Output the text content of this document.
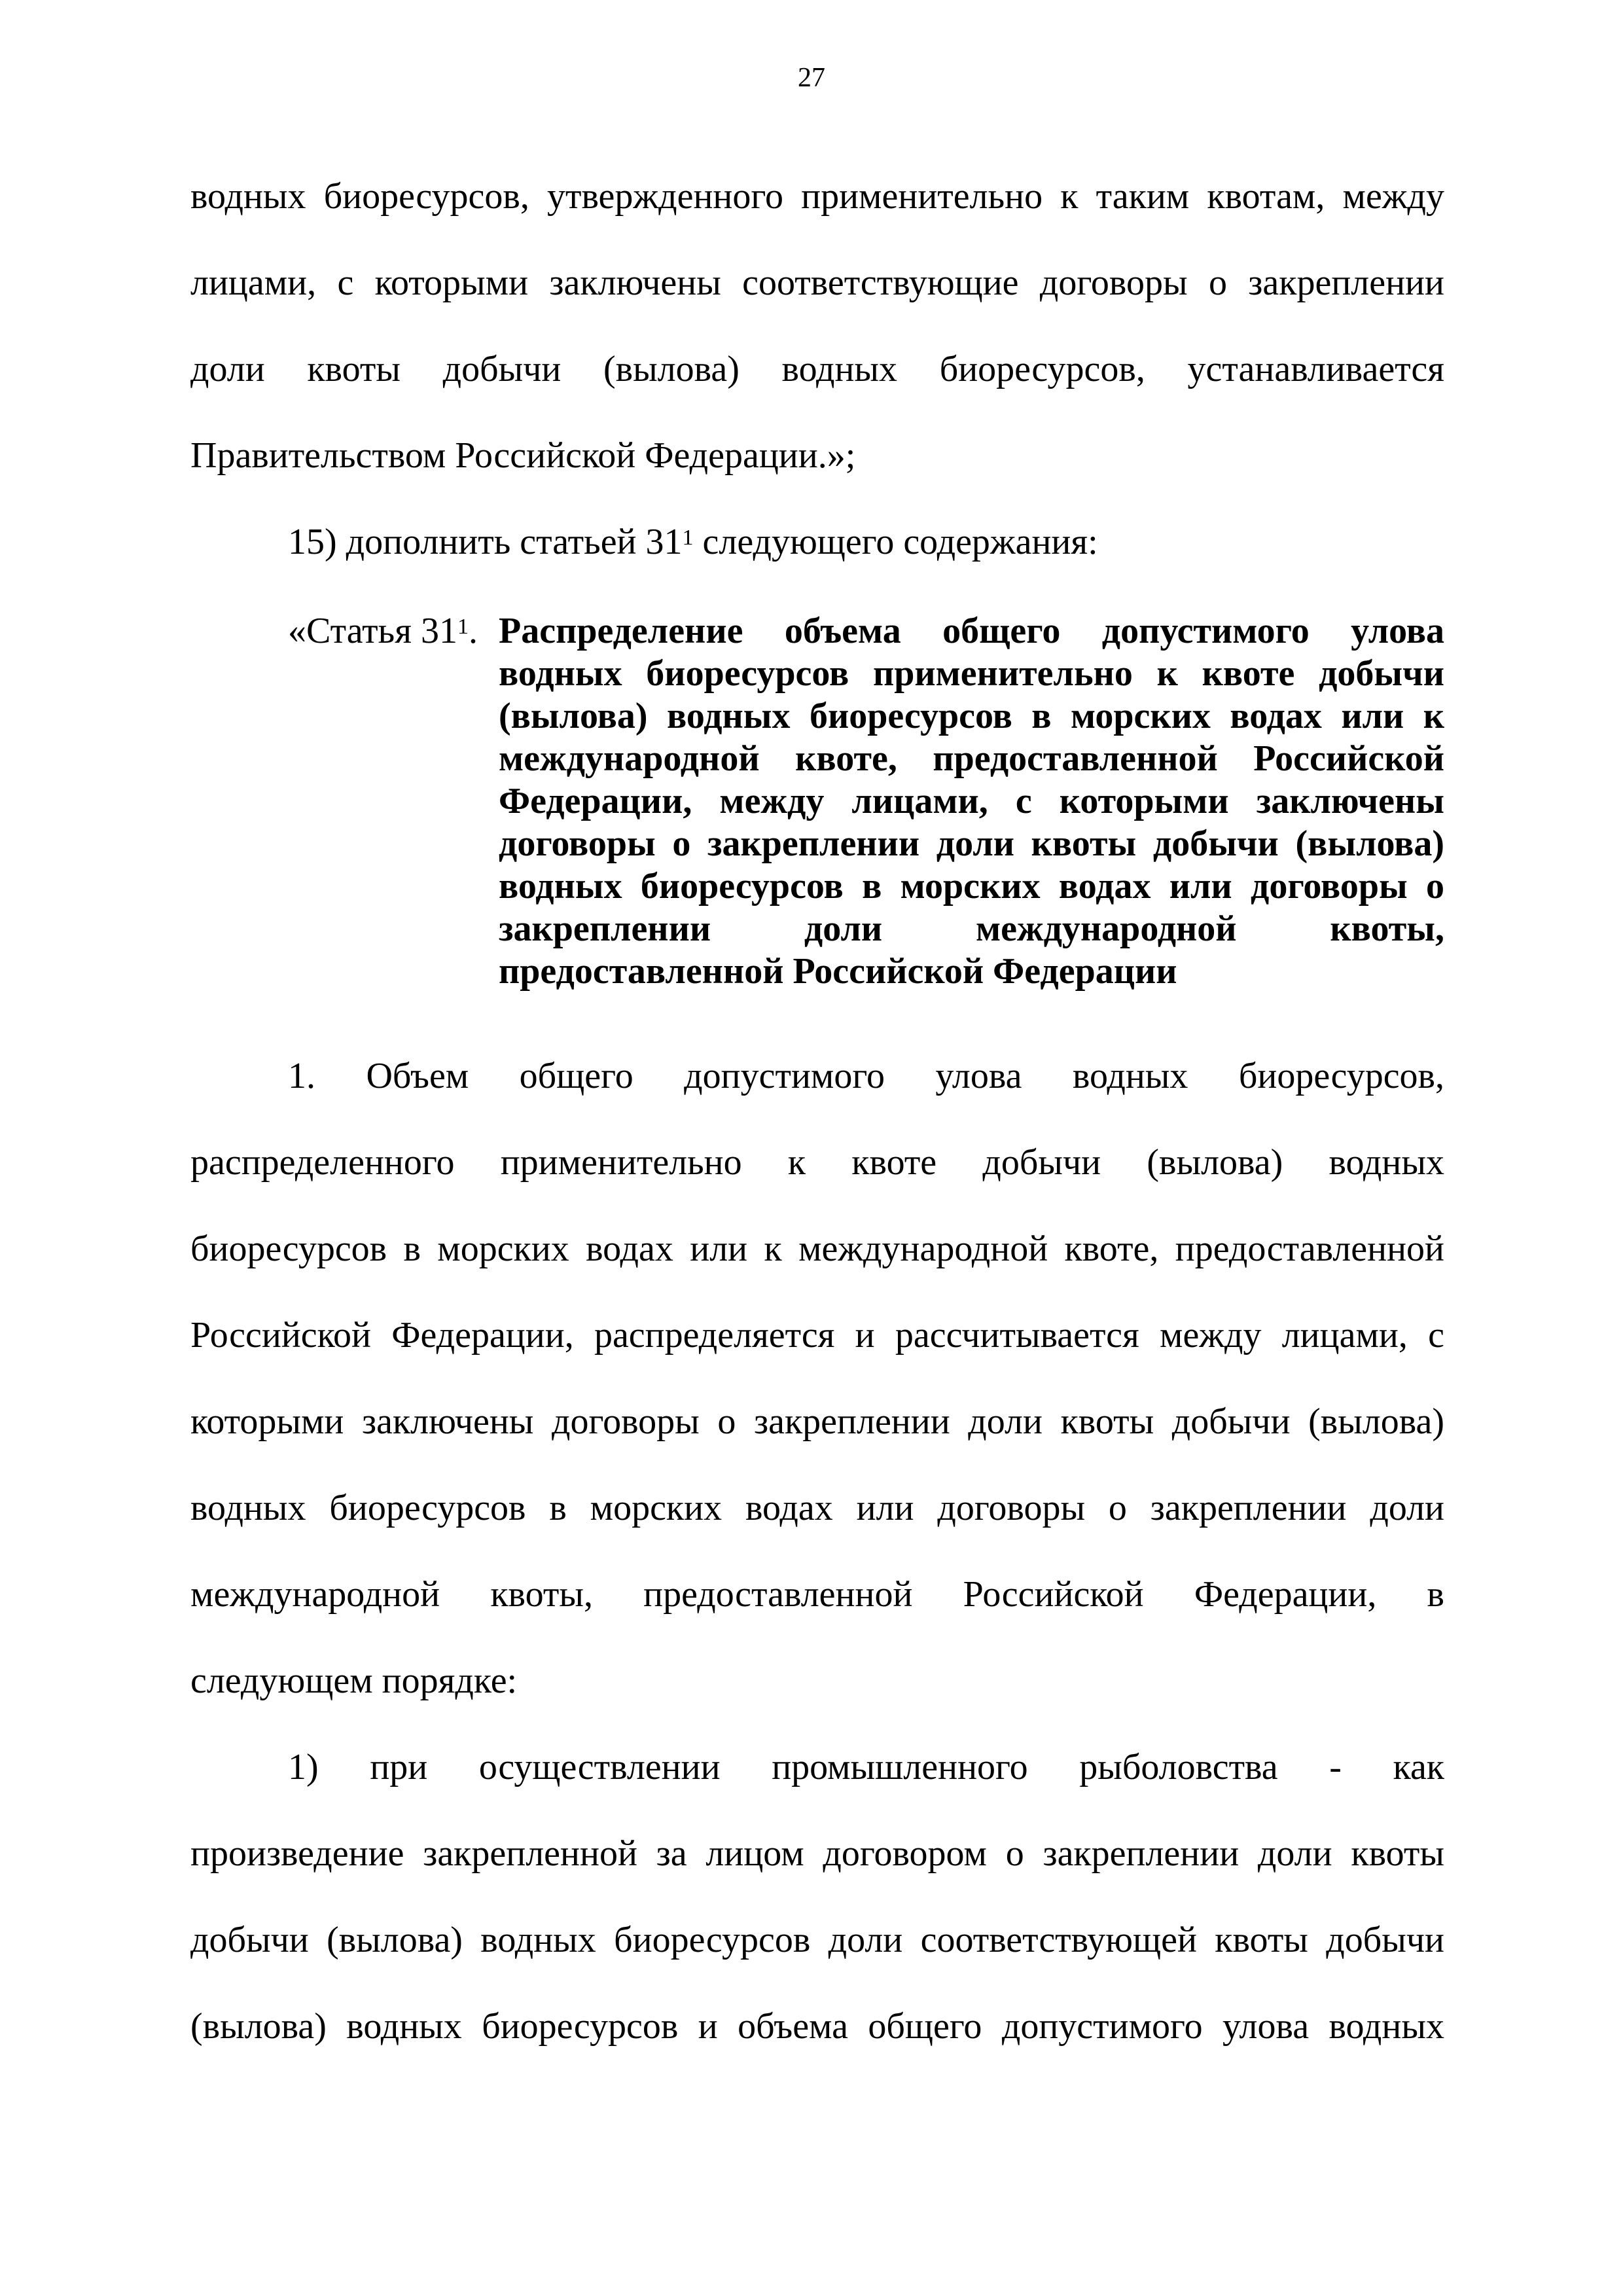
27
водных биоресурсов, утвержденного применительно к таким квотам, между
лицами, с которыми заключены соответствующие договоры о закреплении
доли квоты добычи (вылова) водных биоресурсов, устанавливается
Правительством Российской Федерации.»;
15) дополнить статьей $31^1$ следующего содержания:
«Статья $31^1$. Распределение объема общего допустимого улова
водных биоресурсов применительно к квоте добычи
(вылова) водных биоресурсов в морских водах или к
международной квоте, предоставленной Российской
Федерации, между лицами, с которыми заключены
договоры о закреплении доли квоты добычи (вылова)
водных биоресурсов в морских водах или договоры о
закреплении доли международной квоты,
предоставленной Российской Федерации
1. Объем общего допустимого улова водных биоресурсов,
распределенного применительно к квоте добычи (вылова) водных
биоресурсов в морских водах или к международной квоте, предоставленной
Российской Федерации, распределяется и рассчитывается между лицами, с
которыми заключены договоры о закреплении доли квоты добычи (вылова)
водных биоресурсов в морских водах или договоры о закреплении доли
международной квоты, предоставленной Российской Федерации, в
следующем порядке:
1) при осуществлении промышленного рыболовства - как
произведение закрепленной за лицом договором о закреплении доли квоты
добычи (вылова) водных биоресурсов доли соответствующей квоты добычи
(вылова) водных биоресурсов и объема общего допустимого улова водных
